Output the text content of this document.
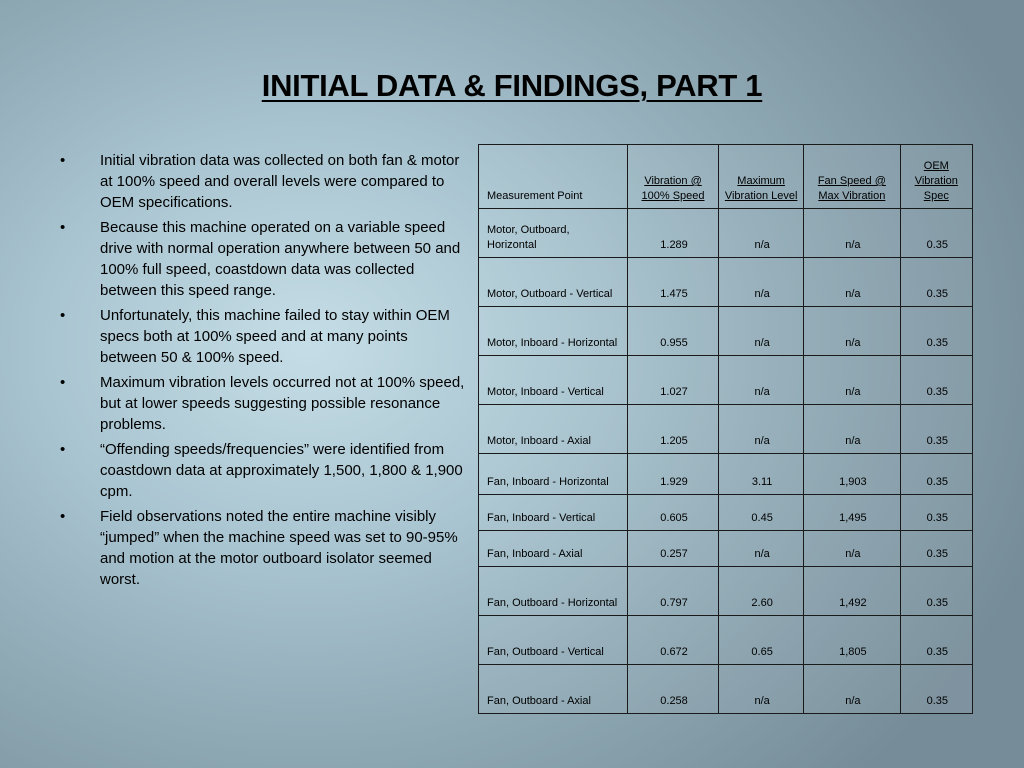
INITIAL DATA & FINDINGS, PART 1
• Initial vibration data was collected on both fan & motor at 100% speed and overall levels were compared to OEM specifications.
• Because this machine operated on a variable speed drive with normal operation anywhere between 50 and 100% full speed, coastdown data was collected between this speed range.
• Unfortunately, this machine failed to stay within OEM specs both at 100% speed and at many points between 50 & 100% speed.
• Maximum vibration levels occurred not at 100% speed, but at lower speeds suggesting possible resonance problems.
• “Offending speeds/frequencies” were identified from coastdown data at approximately 1,500, 1,800 & 1,900 cpm.
• Field observations noted the entire machine visibly “jumped” when the machine speed was set to 90-95% and motion at the motor outboard isolator seemed worst.
Measurement Point	Vibration @ 100% Speed	Maximum Vibration Level	Fan Speed @ Max Vibration	OEM Vibration Spec
Motor, Outboard, Horizontal	1.289	n/a	n/a	0.35
Motor, Outboard - Vertical	1.475	n/a	n/a	0.35
Motor, Inboard - Horizontal	0.955	n/a	n/a	0.35
Motor, Inboard - Vertical	1.027	n/a	n/a	0.35
Motor, Inboard - Axial	1.205	n/a	n/a	0.35
Fan, Inboard - Horizontal	1.929	3.11	1,903	0.35
Fan, Inboard - Vertical	0.605	0.45	1,495	0.35
Fan, Inboard - Axial	0.257	n/a	n/a	0.35
Fan, Outboard - Horizontal	0.797	2.60	1,492	0.35
Fan, Outboard - Vertical	0.672	0.65	1,805	0.35
Fan, Outboard - Axial	0.258	n/a	n/a	0.35
